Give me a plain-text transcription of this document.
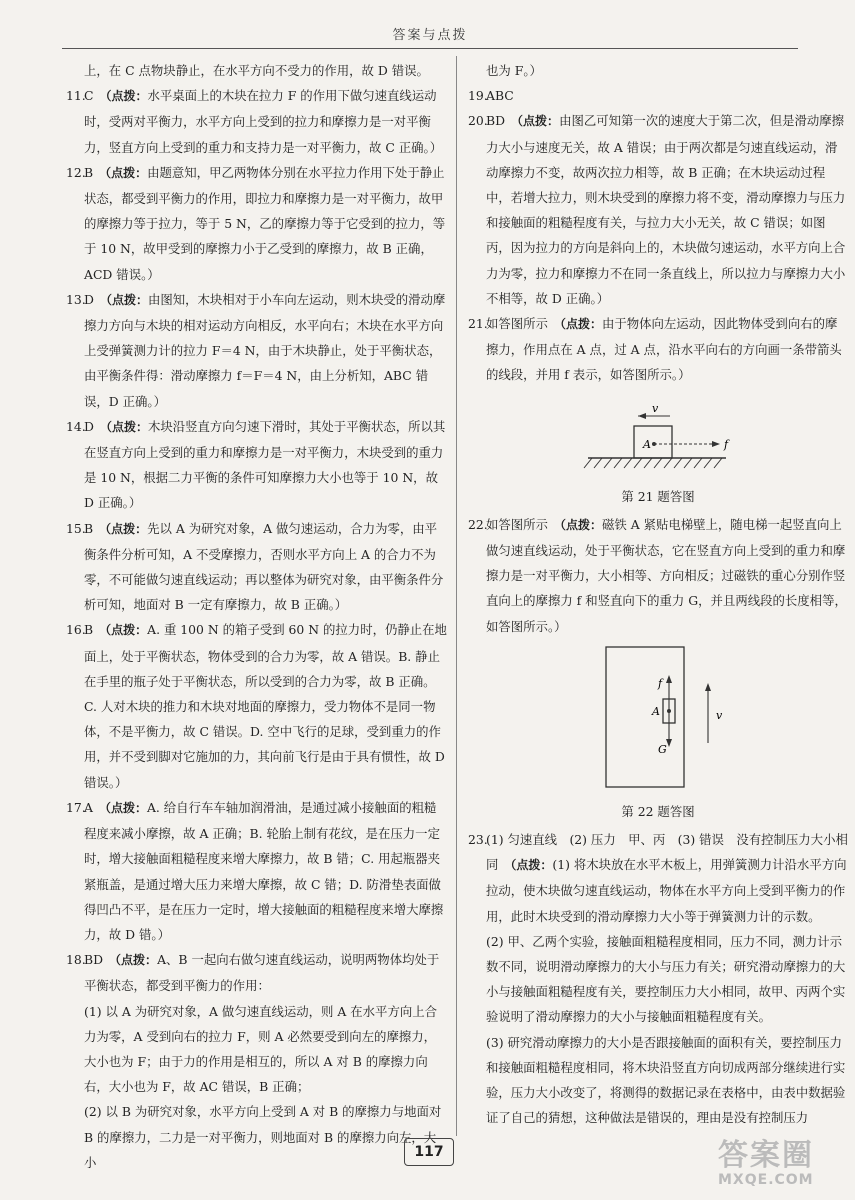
答案与点拨
上，在 C 点物块静止，在水平方向不受力的作用，故 D 错误。
11.
C （点拨：水平桌面上的木块在拉力 F 的作用下做匀速直线运动时，受两对平衡力，水平方向上受到的拉力和摩擦力是一对平衡力，竖直方向上受到的重力和支持力是一对平衡力，故 C 正确。）
12.
B （点拨：由题意知，甲乙两物体分别在水平拉力作用下处于静止状态，都受到平衡力的作用，即拉力和摩擦力是一对平衡力，故甲的摩擦力等于拉力，等于 5 N，乙的摩擦力等于它受到的拉力，等于 10 N，故甲受到的摩擦力小于乙受到的摩擦力，故 B 正确，ACD 错误。）
13.
D （点拨：由图知，木块相对于小车向左运动，则木块受的滑动摩擦力方向与木块的相对运动方向相反，水平向右；木块在水平方向上受弹簧测力计的拉力 F＝4 N，由于木块静止，处于平衡状态，由平衡条件得：滑动摩擦力 f＝F＝4 N，由上分析知，ABC 错误，D 正确。）
14.
D （点拨：木块沿竖直方向匀速下滑时，其处于平衡状态，所以其在竖直方向上受到的重力和摩擦力是一对平衡力，木块受到的重力是 10 N，根据二力平衡的条件可知摩擦力大小也等于 10 N，故 D 正确。）
15.
B （点拨：先以 A 为研究对象，A 做匀速运动，合力为零，由平衡条件分析可知，A 不受摩擦力，否则水平方向上 A 的合力不为零，不可能做匀速直线运动；再以整体为研究对象，由平衡条件分析可知，地面对 B 一定有摩擦力，故 B 正确。）
16.
B （点拨：A. 重 100 N 的箱子受到 60 N 的拉力时，仍静止在地面上，处于平衡状态，物体受到的合力为零，故 A 错误。B. 静止在手里的瓶子处于平衡状态，所以受到的合力为零，故 B 正确。C. 人对木块的推力和木块对地面的摩擦力，受力物体不是同一物体，不是平衡力，故 C 错误。D. 空中飞行的足球，受到重力的作用，并不受到脚对它施加的力，其向前飞行是由于具有惯性，故 D 错误。）
17.
A （点拨：A. 给自行车车轴加润滑油，是通过减小接触面的粗糙程度来减小摩擦，故 A 正确；B. 轮胎上制有花纹，是在压力一定时，增大接触面粗糙程度来增大摩擦力，故 B 错；C. 用起瓶器夹紧瓶盖，是通过增大压力来增大摩擦，故 C 错；D. 防滑垫表面做得凹凸不平，是在压力一定时，增大接触面的粗糙程度来增大摩擦力，故 D 错。）
18.
BD （点拨：A、B 一起向右做匀速直线运动，说明两物体均处于平衡状态，都受到平衡力的作用：
(1) 以 A 为研究对象，A 做匀速直线运动，则 A 在水平方向上合力为零，A 受到向右的拉力 F，则 A 必然要受到向左的摩擦力，大小也为 F；由于力的作用是相互的，所以 A 对 B 的摩擦力向右，大小也为 F，故 AC 错误，B 正确；
(2) 以 B 为研究对象，水平方向上受到 A 对 B 的摩擦力与地面对 B 的摩擦力，二力是一对平衡力，则地面对 B 的摩擦力向左，大小
也为 F。）
19.
ABC
20.
BD （点拨：由图乙可知第一次的速度大于第二次，但是滑动摩擦力大小与速度无关，故 A 错误；由于两次都是匀速直线运动，滑动摩擦力不变，故两次拉力相等，故 B 正确；在木块运动过程中，若增大拉力，则木块受到的摩擦力将不变，滑动摩擦力与压力和接触面的粗糙程度有关，与拉力大小无关，故 C 错误；如图丙，因为拉力的方向是斜向上的，木块做匀速运动，水平方向上合力为零，拉力和摩擦力不在同一条直线上，所以拉力与摩擦力大小不相等，故 D 正确。）
21.
如答图所示 （点拨：由于物体向左运动，因此物体受到向右的摩擦力，作用点在 A 点，过 A 点，沿水平向右的方向画一条带箭头的线段，并用 f 表示，如答图所示。）
v
A	f
第 21 题答图
22.
如答图所示 （点拨：磁铁 A 紧贴电梯壁上，随电梯一起竖直向上做匀速直线运动，处于平衡状态，它在竖直方向上受到的重力和摩擦力是一对平衡力，大小相等、方向相反；过磁铁的重心分别作竖直向上的摩擦力 f 和竖直向下的重力 G，并且两线段的长度相等，如答图所示。）
f
G
A	v
第 22 题答图
23.
(1) 匀速直线　(2) 压力　甲、丙　(3) 错误　没有控制压力大小相同 （点拨：(1) 将木块放在水平木板上，用弹簧测力计沿水平方向拉动，使木块做匀速直线运动，物体在水平方向上受到平衡力的作用，此时木块受到的滑动摩擦力大小等于弹簧测力计的示数。
(2) 甲、乙两个实验，接触面粗糙程度相同，压力不同，测力计示数不同，说明滑动摩擦力的大小与压力有关；研究滑动摩擦力的大小与接触面粗糙程度有关，要控制压力大小相同，故甲、丙两个实验说明了滑动摩擦力的大小与接触面粗糙程度有关。
(3) 研究滑动摩擦力的大小是否跟接触面的面积有关，要控制压力和接触面粗糙程度相同，将木块沿竖直方向切成两部分继续进行实验，压力大小改变了，将测得的数据记录在表格中，由表中数据验证了自己的猜想，这种做法是错误的，理由是没有控制压力
117	答案圈
MXQE.COM
